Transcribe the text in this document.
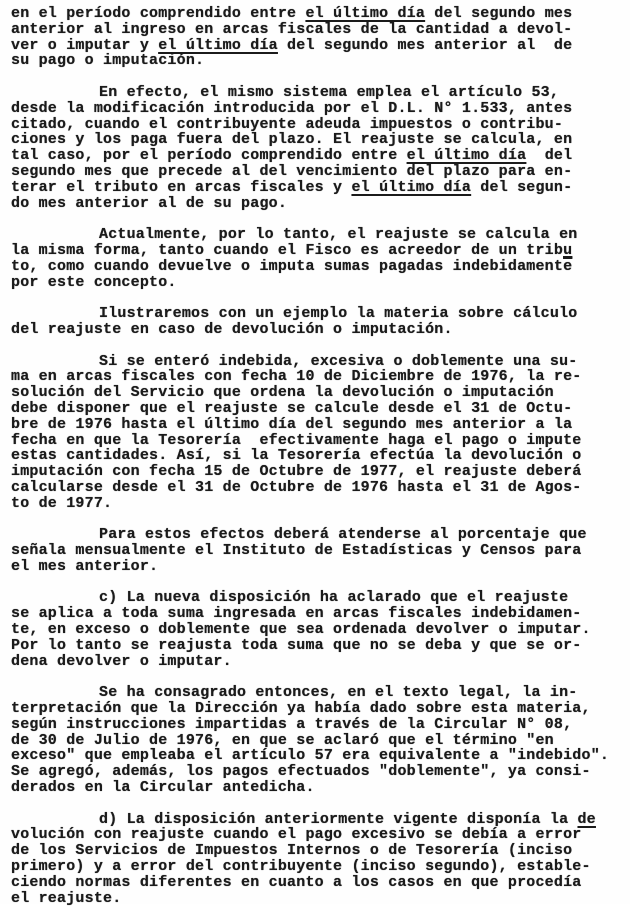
en el período comprendido entre el último día del segundo mes
anterior al ingreso en arcas fiscales de la cantidad a devol-
ver o imputar y el último día del segundo mes anterior al  de
su pago o imputación.
En efecto, el mismo sistema emplea el artículo 53,
desde la modificación introducida por el D.L. N° 1.533, antes
citado, cuando el contribuyente adeuda impuestos o contribu-
ciones y los paga fuera del plazo. El reajuste se calcula, en
tal caso, por el período comprendido entre el último día  del
segundo mes que precede al del vencimiento del plazo para en-
terar el tributo en arcas fiscales y el último día del segun-
do mes anterior al de su pago.
Actualmente, por lo tanto, el reajuste se calcula en
la misma forma, tanto cuando el Fisco es acreedor de un tribu
to, como cuando devuelve o imputa sumas pagadas $indebidament\overline{e}$
por este concepto.
Ilustraremos con un ejemplo la materia sobre cálculo
del reajuste en caso de devolución o imputación.
Si se enteró indebida, excesiva o doblemente una su-
ma en arcas fiscales con fecha 10 de Diciembre de 1976, la re-
solución del Servicio que ordena la devolución o imputación
debe disponer que el reajuste se calcule desde el 31 de Octu-
bre de 1976 hasta el último día del segundo mes anterior a la
fecha en que la Tesorería  efectivamente haga el pago o impute
estas cantidades. Así, si la Tesorería efectúa la devolución o
imputación con fecha 15 de Octubre de 1977, el reajuste deberá
calcularse desde el 31 de Octubre de 1976 hasta el 31 de Agos-
to de 1977.
Para estos efectos deberá atenderse al porcentaje que
señala mensualmente el Instituto de Estadísticas y Censos para
el mes anterior.
c) La nueva disposición ha aclarado que el reajuste
se aplica a toda suma ingresada en arcas fiscales indebidamen-
te, en exceso o doblemente que sea ordenada devolver o imputar.
Por lo tanto se reajusta toda suma que no se deba y que se or-
dena devolver o imputar.
Se ha consagrado entonces, en el texto legal, la in-
terpretación que la Dirección ya había dado sobre esta materia,
según instrucciones impartidas a través de la Circular N° 08,
de 30 de Julio de 1976, en que se aclaró que el término "en
exceso" que empleaba el artículo 57 era equivalente a "indebido".
Se agregó, además, los pagos efectuados "doblemente", ya consi-
derados en la Circular antedicha.
d) La disposición anteriormente vigente disponía la de
volución con reajuste cuando el pago excesivo se debía a error
de los Servicios de Impuestos Internos o de Tesorería (inciso
primero) y a error del contribuyente (inciso segundo), estable-
ciendo normas diferentes en cuanto a los casos en que procedía
el reajuste.
